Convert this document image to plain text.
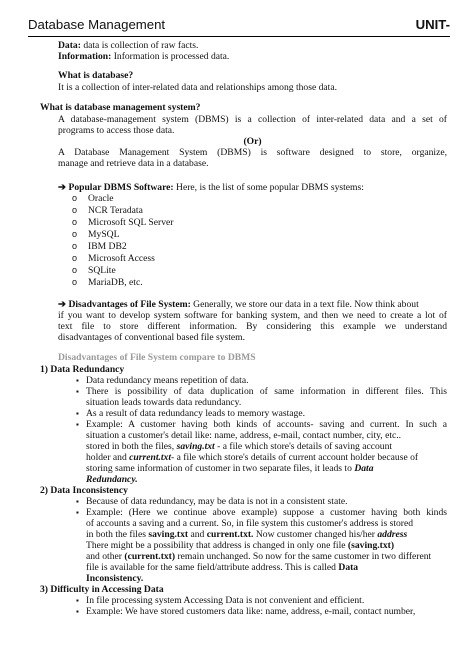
Database Management	UNIT-
Data: data is collection of raw facts.
Information: Information is processed data.
What is database?
It is a collection of inter-related data and relationships among those data.
What is database management system?
A database-management system (DBMS) is a collection of inter-related data and a set of
programs to access those data.
(Or)
A Database Management System (DBMS) is software designed to store, organize,
manage and retrieve data in a database.
➔ Popular DBMS Software: Here, is the list of some popular DBMS systems:
o Oracle
o NCR Teradata
o Microsoft SQL Server
o MySQL
o IBM DB2
o Microsoft Access
o SQLite
o MariaDB, etc.
➔ Disadvantages of File System: Generally, we store our data in a text file. Now think about
if you want to develop system software for banking system, and then we need to create a lot of
text file to store different information. By considering this example we understand
disadvantages of conventional based file system.
Disadvantages of File System compare to DBMS
1) Data Redundancy
▪ Data redundancy means repetition of data.
▪ There is possibility of data duplication of same information in different files. This
situation leads towards data redundancy.
▪ As a result of data redundancy leads to memory wastage.
▪ Example: A customer having both kinds of accounts- saving and current. In such a
situation a customer's detail like: name, address, e-mail, contact number, city, etc..
stored in both the files, saving.txt - a file which store's details of saving account
holder and current.txt- a file which store's details of current account holder because of
storing same information of customer in two separate files, it leads to Data
Redundancy.
2) Data Inconsistency
▪ Because of data redundancy, may be data is not in a consistent state.
▪ Example: (Here we continue above example) suppose a customer having both kinds
of accounts a saving and a current. So, in file system this customer's address is stored
in both the files saving.txt and current.txt. Now customer changed his/her address
There might be a possibility that address is changed in only one file (saving.txt)
and other (current.txt) remain unchanged. So now for the same customer in two different
file is available for the same field/attribute address. This is called Data
Inconsistency.
3) Difficulty in Accessing Data
▪ In file processing system Accessing Data is not convenient and efficient.
▪ Example: We have stored customers data like: name, address, e-mail, contact number,
